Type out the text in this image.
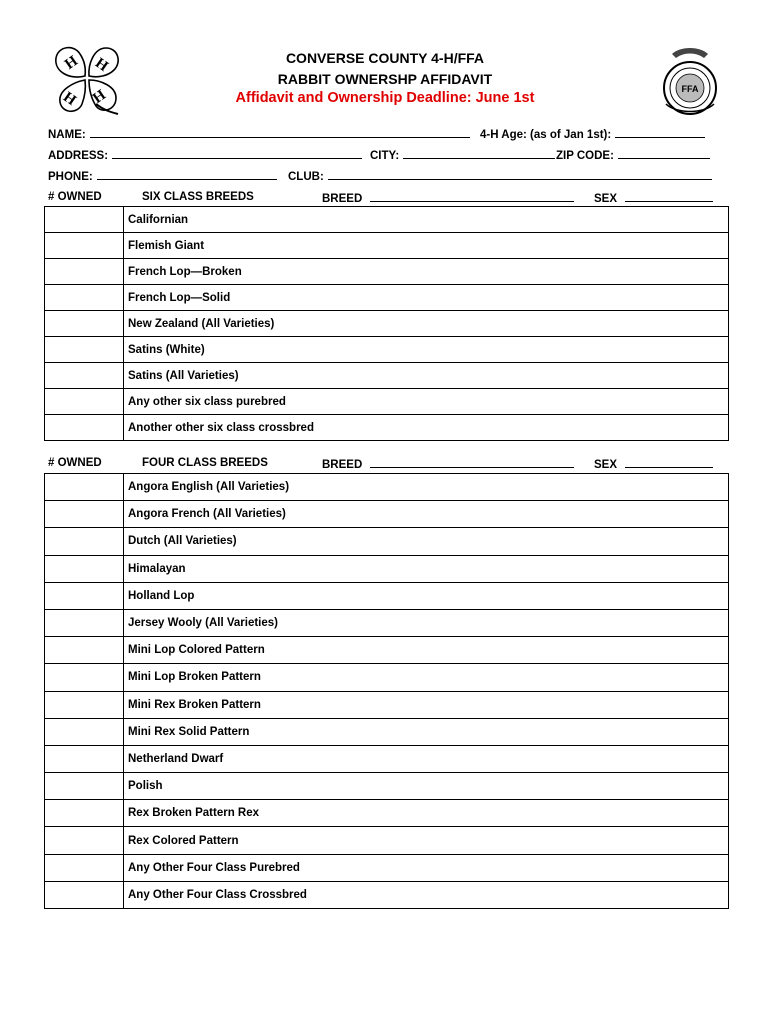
H H
H H	FFA
CONVERSE COUNTY 4-H/FFA
RABBIT OWNERSHP AFFIDAVIT
Affidavit and Ownership Deadline: June 1st
NAME:	4-H Age: (as of Jan 1st):
ADDRESS:	CITY:	ZIP CODE:
PHONE:	CLUB:
# OWNED	SIX CLASS BREEDS	BREED	SEX
	Californian
	Flemish Giant
	French Lop—Broken
	French Lop—Solid
	New Zealand (All Varieties)
	Satins (White)
	Satins (All Varieties)
	Any other six class purebred
	Another other six class crossbred
# OWNED	FOUR CLASS BREEDS	BREED	SEX
	Angora English (All Varieties)
	Angora French (All Varieties)
	Dutch (All Varieties)
	Himalayan
	Holland Lop
	Jersey Wooly (All Varieties)
	Mini Lop Colored Pattern
	Mini Lop Broken Pattern
	Mini Rex Broken Pattern
	Mini Rex Solid Pattern
	Netherland Dwarf
	Polish
	Rex Broken Pattern Rex
	Rex Colored Pattern
	Any Other Four Class Purebred
	Any Other Four Class Crossbred
